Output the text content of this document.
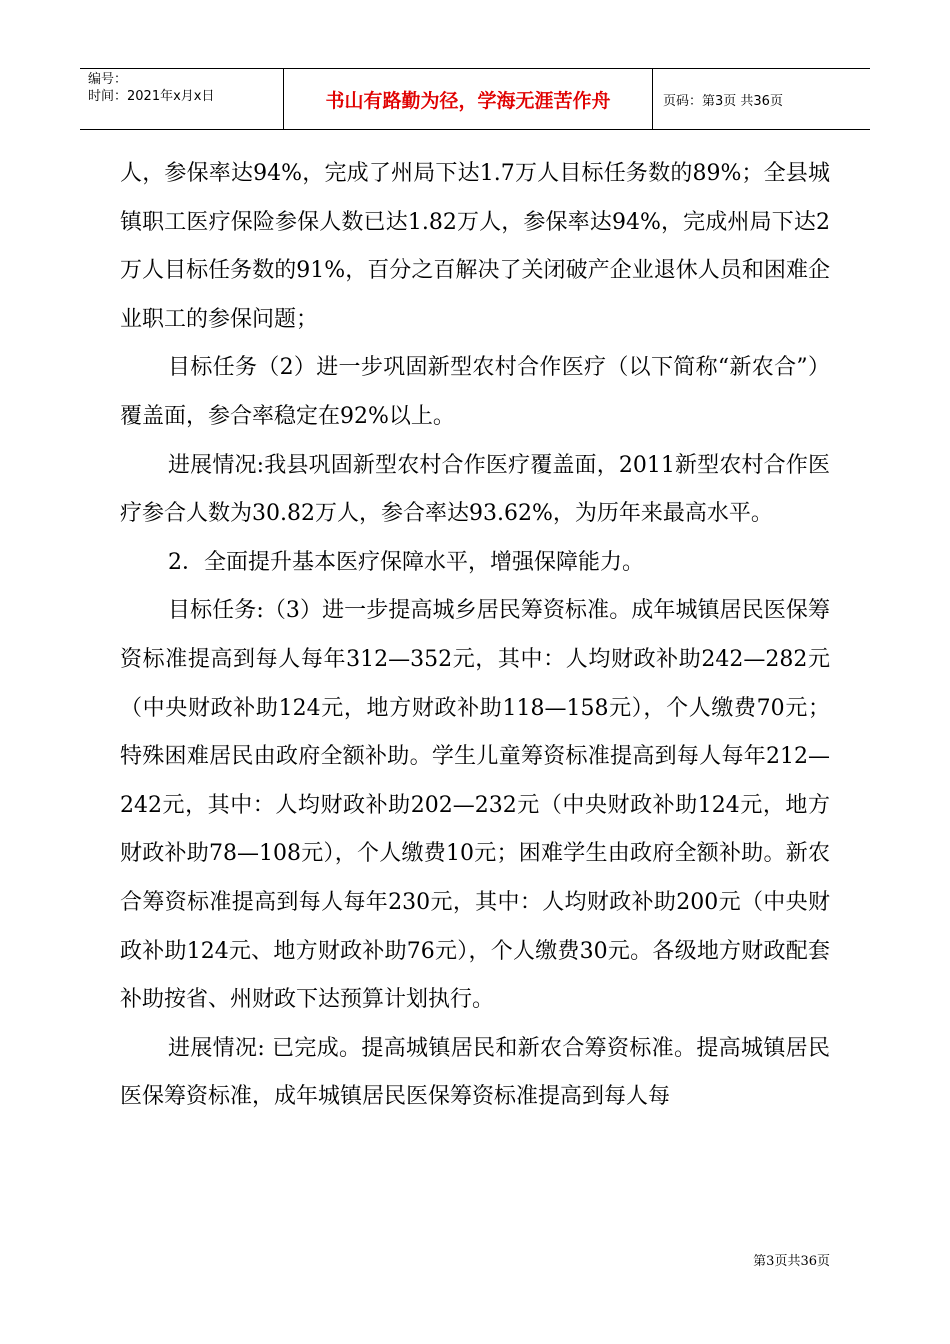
编号：
时间：2021年x月x日	书山有路勤为径，学海无涯苦作舟	页码：第3页 共36页

人，参保率达94%，完成了州局下达1.7万人目标任务数的89%；全县城镇职工医疗保险参保人数已达1.82万人，参保率达94%，完成州局下达2万人目标任务数的91%，百分之百解决了关闭破产企业退休人员和困难企业职工的参保问题；

目标任务（2）进一步巩固新型农村合作医疗（以下简称“新农合”）覆盖面，参合率稳定在92%以上。

进展情况:我县巩固新型农村合作医疗覆盖面，2011新型农村合作医疗参合人数为30.82万人，参合率达93.62%，为历年来最高水平。

2．全面提升基本医疗保障水平，增强保障能力。

目标任务:（3）进一步提高城乡居民筹资标准。成年城镇居民医保筹资标准提高到每人每年312—352元，其中：人均财政补助242—282元（中央财政补助124元，地方财政补助118—158元），个人缴费70元；特殊困难居民由政府全额补助。学生儿童筹资标准提高到每人每年212—242元，其中：人均财政补助202—232元（中央财政补助124元，地方财政补助78—108元），个人缴费10元；困难学生由政府全额补助。新农合筹资标准提高到每人每年230元，其中：人均财政补助200元（中央财政补助124元、地方财政补助76元），个人缴费30元。各级地方财政配套补助按省、州财政下达预算计划执行。

进展情况: 已完成。提高城镇居民和新农合筹资标准。提高城镇居民医保筹资标准，成年城镇居民医保筹资标准提高到每人每

第3页共36页
